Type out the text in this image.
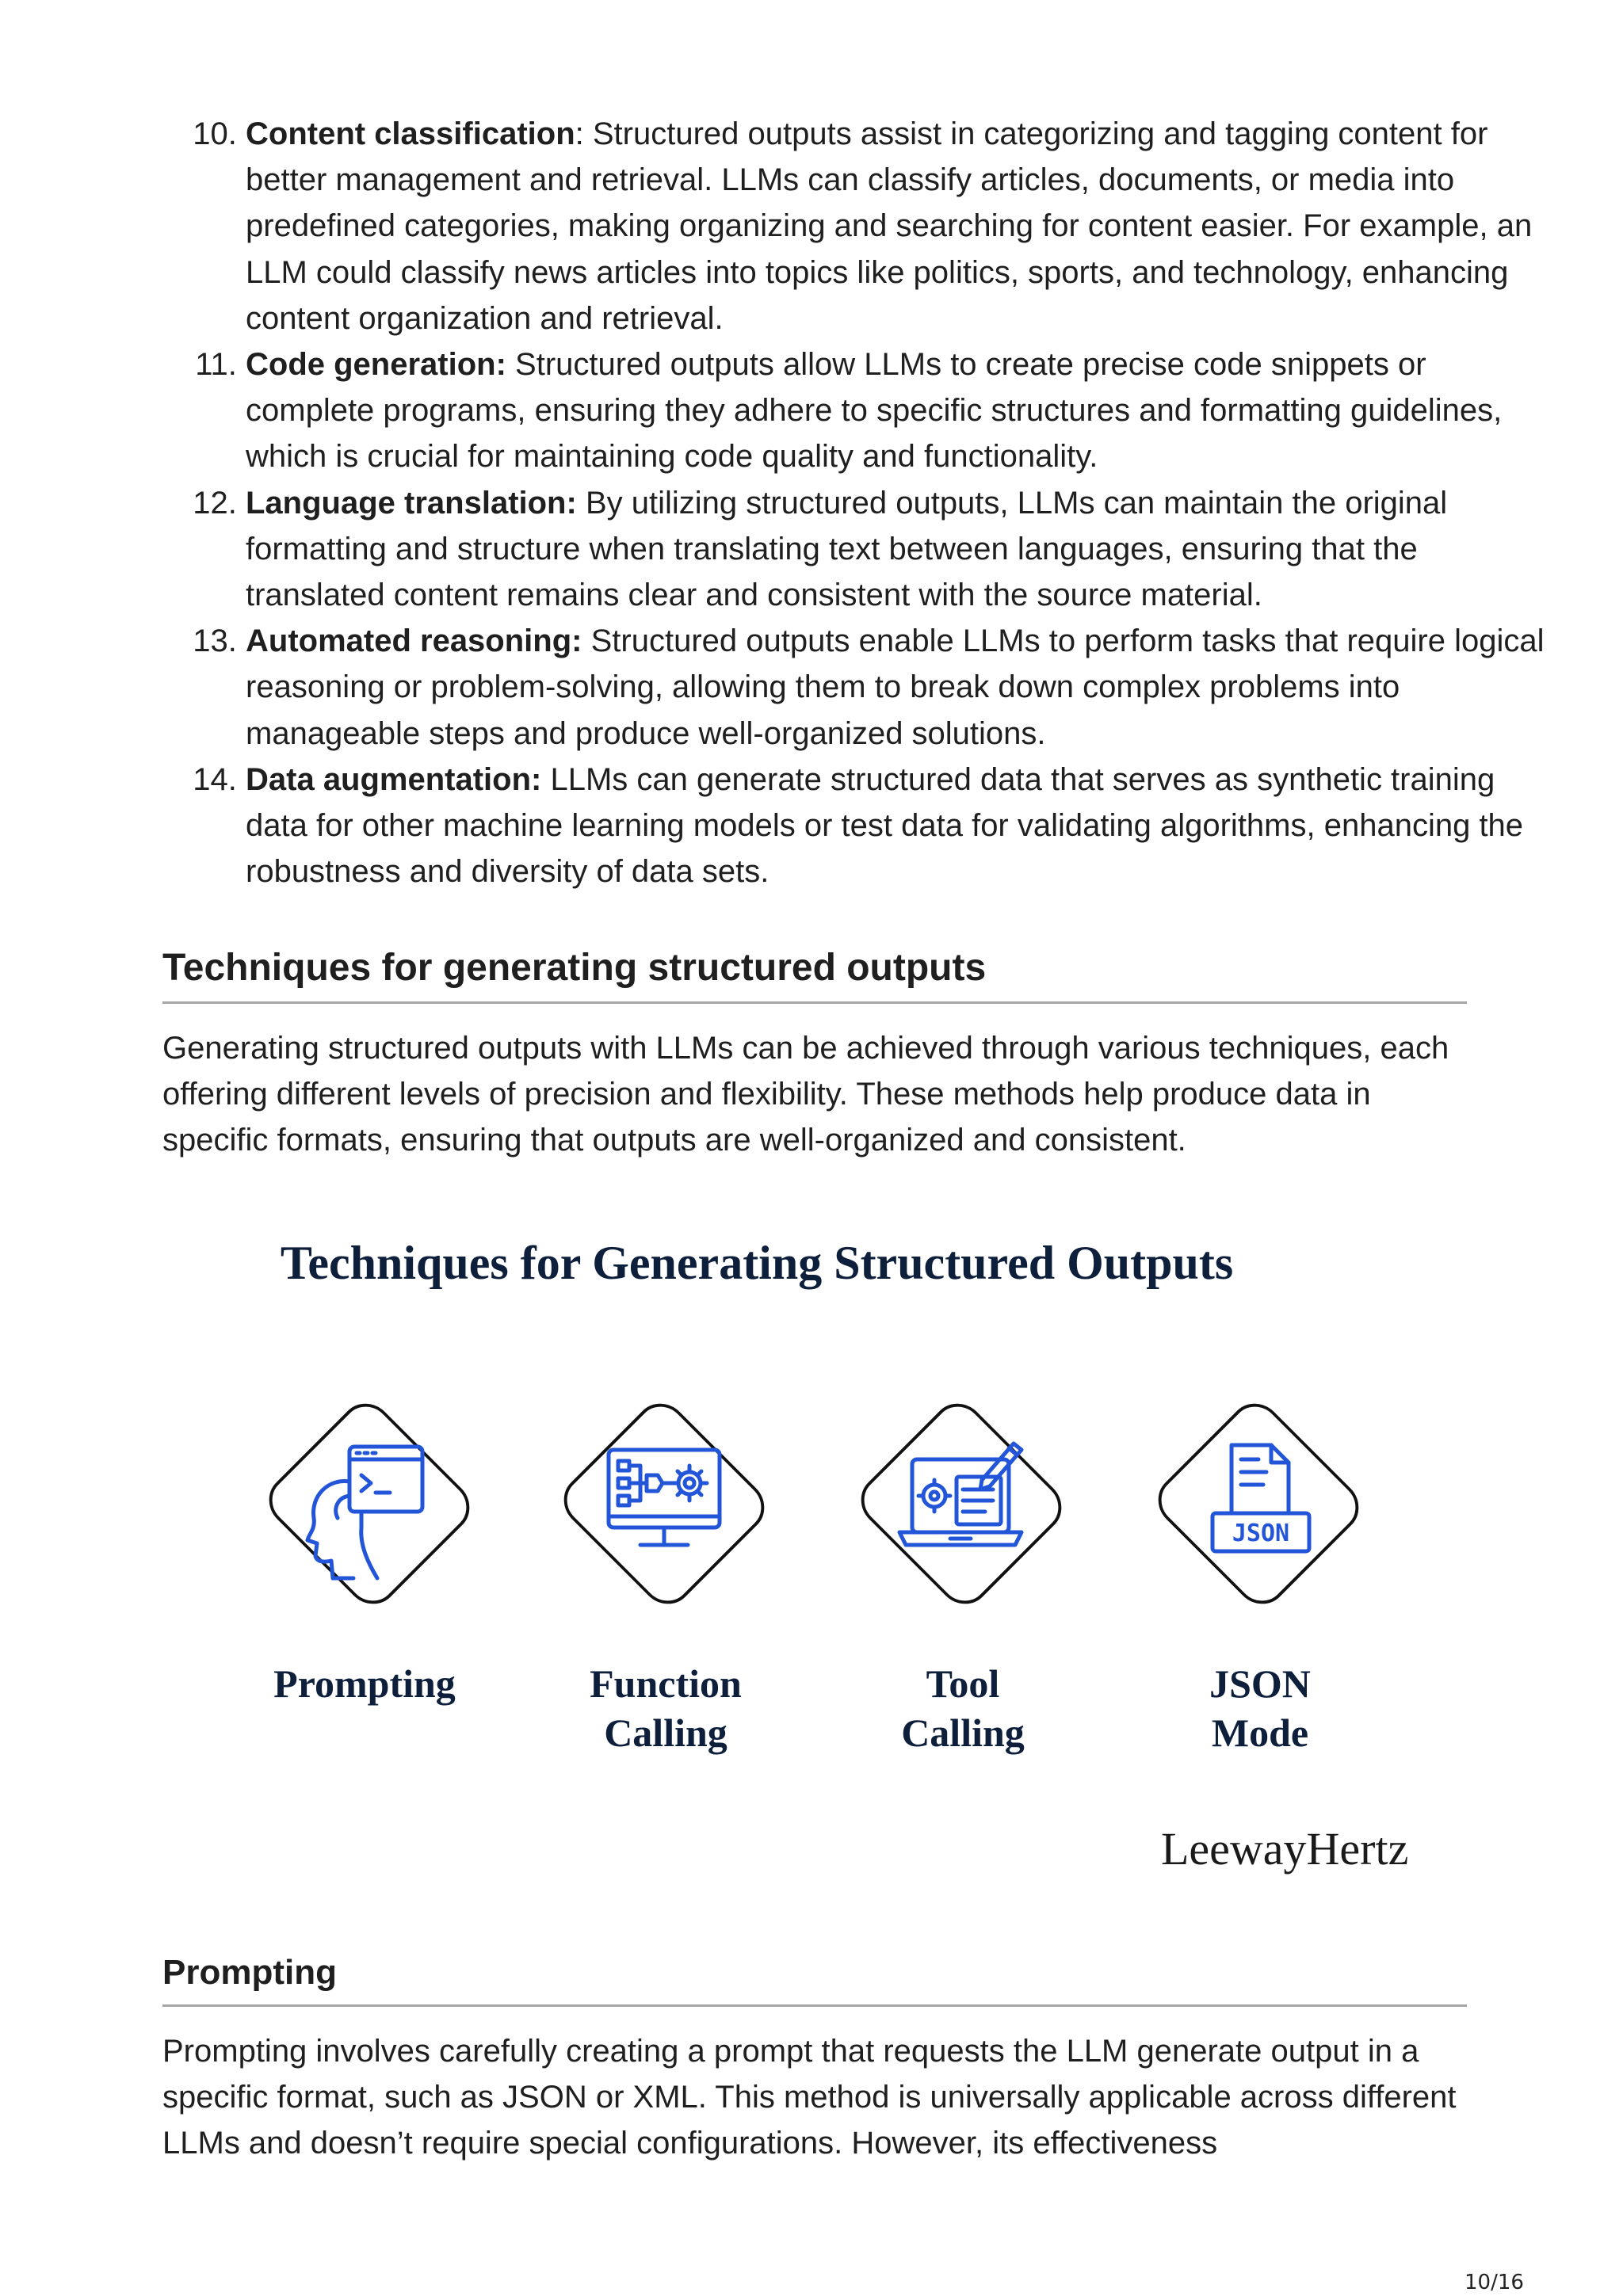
10. Content classification: Structured outputs assist in categorizing and tagging content for better management and retrieval. LLMs can classify articles, documents, or media into predefined categories, making organizing and searching for content easier. For example, an LLM could classify news articles into topics like politics, sports, and technology, enhancing content organization and retrieval.
11. Code generation: Structured outputs allow LLMs to create precise code snippets or complete programs, ensuring they adhere to specific structures and formatting guidelines, which is crucial for maintaining code quality and functionality.
12. Language translation: By utilizing structured outputs, LLMs can maintain the original formatting and structure when translating text between languages, ensuring that the translated content remains clear and consistent with the source material.
13. Automated reasoning: Structured outputs enable LLMs to perform tasks that require logical reasoning or problem-solving, allowing them to break down complex problems into manageable steps and produce well-organized solutions.
14. Data augmentation: LLMs can generate structured data that serves as synthetic training data for other machine learning models or test data for validating algorithms, enhancing the robustness and diversity of data sets.
Techniques for generating structured outputs

Generating structured outputs with LLMs can be achieved through various techniques, each offering different levels of precision and flexibility. These methods help produce data in specific formats, ensuring that outputs are well-organized and consistent.

Techniques for Generating Structured Outputs

JSON
Prompting	Function
Calling
Tool
Calling
JSON
Mode

LeewayHertz

Prompting

Prompting involves carefully creating a prompt that requests the LLM generate output in a specific format, such as JSON or XML. This method is universally applicable across different LLMs and doesn’t require special configurations. However, its effectiveness

10/16
